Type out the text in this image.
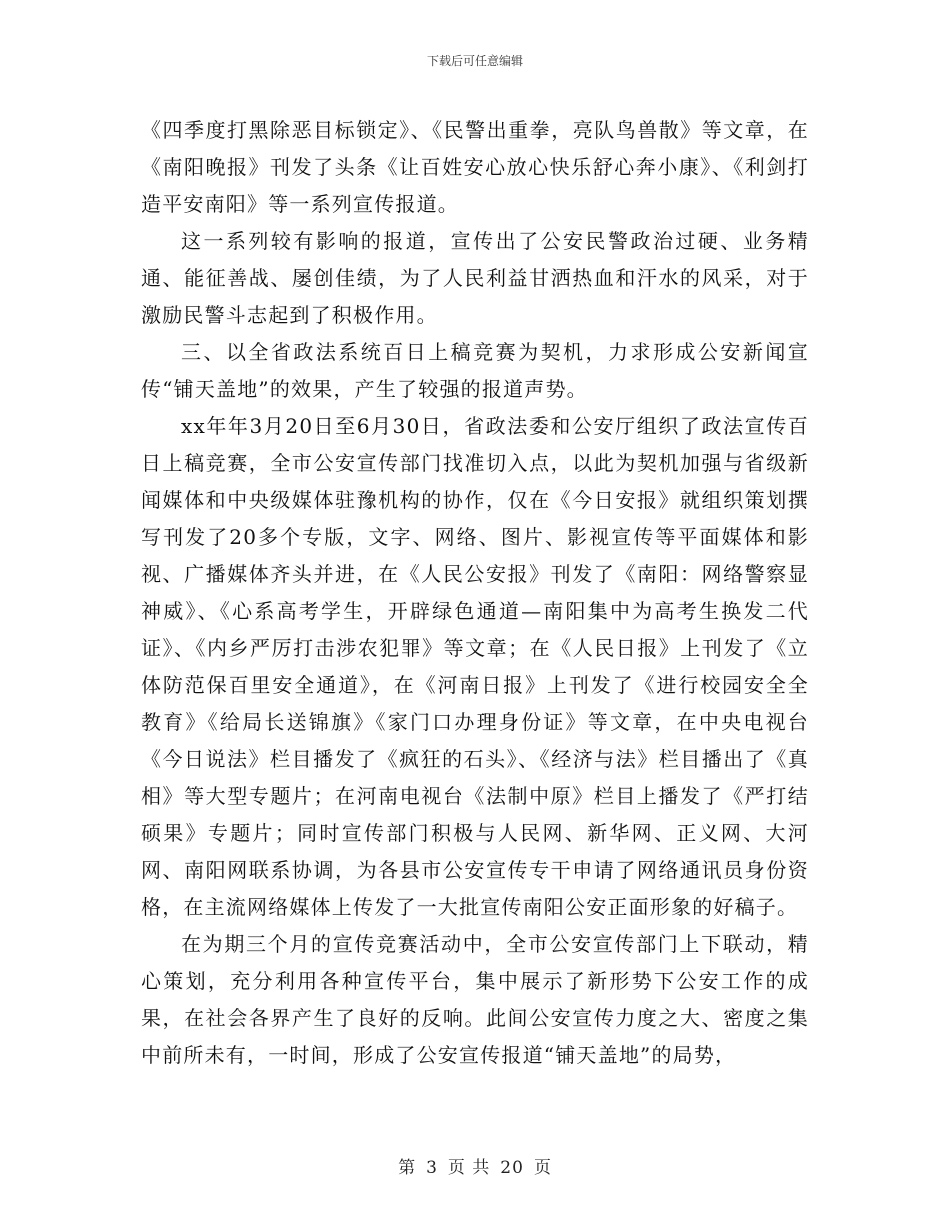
下载后可任意编辑

《四季度打黑除恶目标锁定》、《民警出重拳，亮队鸟兽散》等文章，在《南阳晚报》刊发了头条《让百姓安心放心快乐舒心奔小康》、《利剑打造平安南阳》等一系列宣传报道。

这一系列较有影响的报道，宣传出了公安民警政治过硬、业务精通、能征善战、屡创佳绩，为了人民利益甘洒热血和汗水的风采，对于激励民警斗志起到了积极作用。

三、以全省政法系统百日上稿竞赛为契机，力求形成公安新闻宣传“铺天盖地”的效果，产生了较强的报道声势。

xx年年3月20日至6月30日，省政法委和公安厅组织了政法宣传百日上稿竞赛，全市公安宣传部门找准切入点，以此为契机加强与省级新闻媒体和中央级媒体驻豫机构的协作，仅在《今日安报》就组织策划撰写刊发了20多个专版，文字、网络、图片、影视宣传等平面媒体和影视、广播媒体齐头并进，在《人民公安报》刊发了《南阳：网络警察显神威》、《心系高考学生，开辟绿色通道—南阳集中为高考生换发二代证》、《内乡严厉打击涉农犯罪》等文章；在《人民日报》上刊发了《立体防范保百里安全通道》，在《河南日报》上刊发了《进行校园安全全教育》《给局长送锦旗》《家门口办理身份证》等文章，在中央电视台《今日说法》栏目播发了《疯狂的石头》、《经济与法》栏目播出了《真相》等大型专题片；在河南电视台《法制中原》栏目上播发了《严打结硕果》专题片；同时宣传部门积极与人民网、新华网、正义网、大河网、南阳网联系协调，为各县市公安宣传专干申请了网络通讯员身份资格，在主流网络媒体上传发了一大批宣传南阳公安正面形象的好稿子。

在为期三个月的宣传竞赛活动中，全市公安宣传部门上下联动，精心策划，充分利用各种宣传平台，集中展示了新形势下公安工作的成果，在社会各界产生了良好的反响。此间公安宣传力度之大、密度之集中前所未有，一时间，形成了公安宣传报道“铺天盖地”的局势，

第 3 页 共 20 页
